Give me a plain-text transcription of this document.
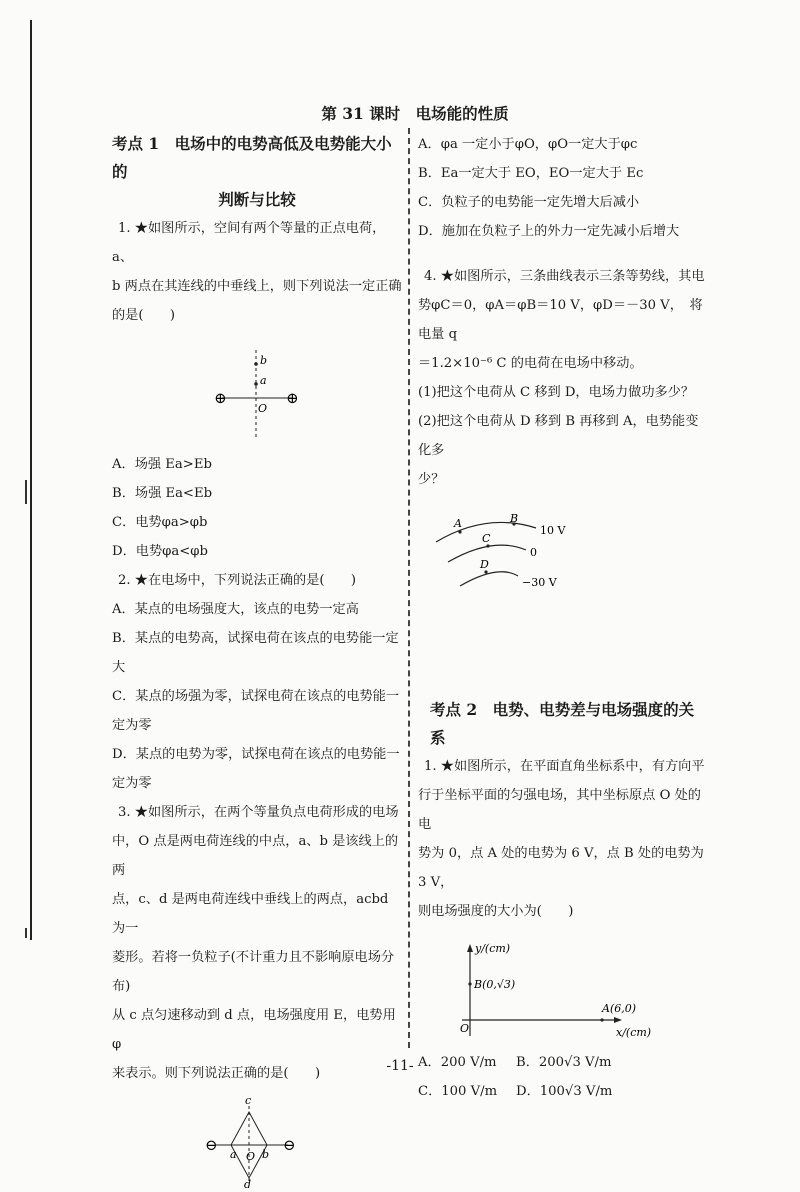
第 31 课时　电场能的性质
考点 1　电场中的电势高低及电势能大小的
判断与比较

1. ★如图所示，空间有两个等量的正点电荷，a、

b 两点在其连线的中垂线上，则下列说法一定正确

的是(　　)

b
a
O
⊕	⊕

A．场强 Ea>Eb

B．场强 Ea<Eb

C．电势φa>φb

D．电势φa<φb

2. ★在电场中，下列说法正确的是(　　)

A．某点的电场强度大，该点的电势一定高

B．某点的电势高，试探电荷在该点的电势能一定

大

C．某点的场强为零，试探电荷在该点的电势能一

定为零

D．某点的电势为零，试探电荷在该点的电势能一

定为零

3. ★如图所示，在两个等量负点电荷形成的电场

中，O 点是两电荷连线的中点，a、b 是该线上的两

点，c、d 是两电荷连线中垂线上的两点，acbd 为一

菱形。若将一负粒子(不计重力且不影响原电场分布)

从 c 点匀速移动到 d 点，电场强度用 E，电势用φ

来表示。则下列说法正确的是(　　)

c
d
a b
O
⊖	⊖

A．φa 一定小于φO，φO一定大于φc

B．Ea一定大于 EO，EO一定大于 Ec

C．负粒子的电势能一定先增大后减小

D．施加在负粒子上的外力一定先减小后增大

4. ★如图所示，三条曲线表示三条等势线，其电

势φC＝0，φA＝φB＝10 V，φD＝－30 V，　将电量 q

＝1.2×10⁻⁶ C 的电荷在电场中移动。

(1)把这个电荷从 C 移到 D，电场力做功多少？

(2)把这个电荷从 D 移到 B 再移到 A，电势能变化多

少？

A	B
C
D
10 V
0
−30 V
考点 2　电势、电势差与电场强度的关系

1. ★如图所示，在平面直角坐标系中，有方向平

行于坐标平面的匀强电场，其中坐标原点 O 处的电

势为 0，点 A 处的电势为 6 V，点 B 处的电势为 3 V，

则电场强度的大小为(　　)

y/(cm)
x/(cm)
B(0,√3)
A(6,0)
O

A．200 V/m	B．200√3 V/m

C．100 V/m	D．100√3 V/m

-11-
